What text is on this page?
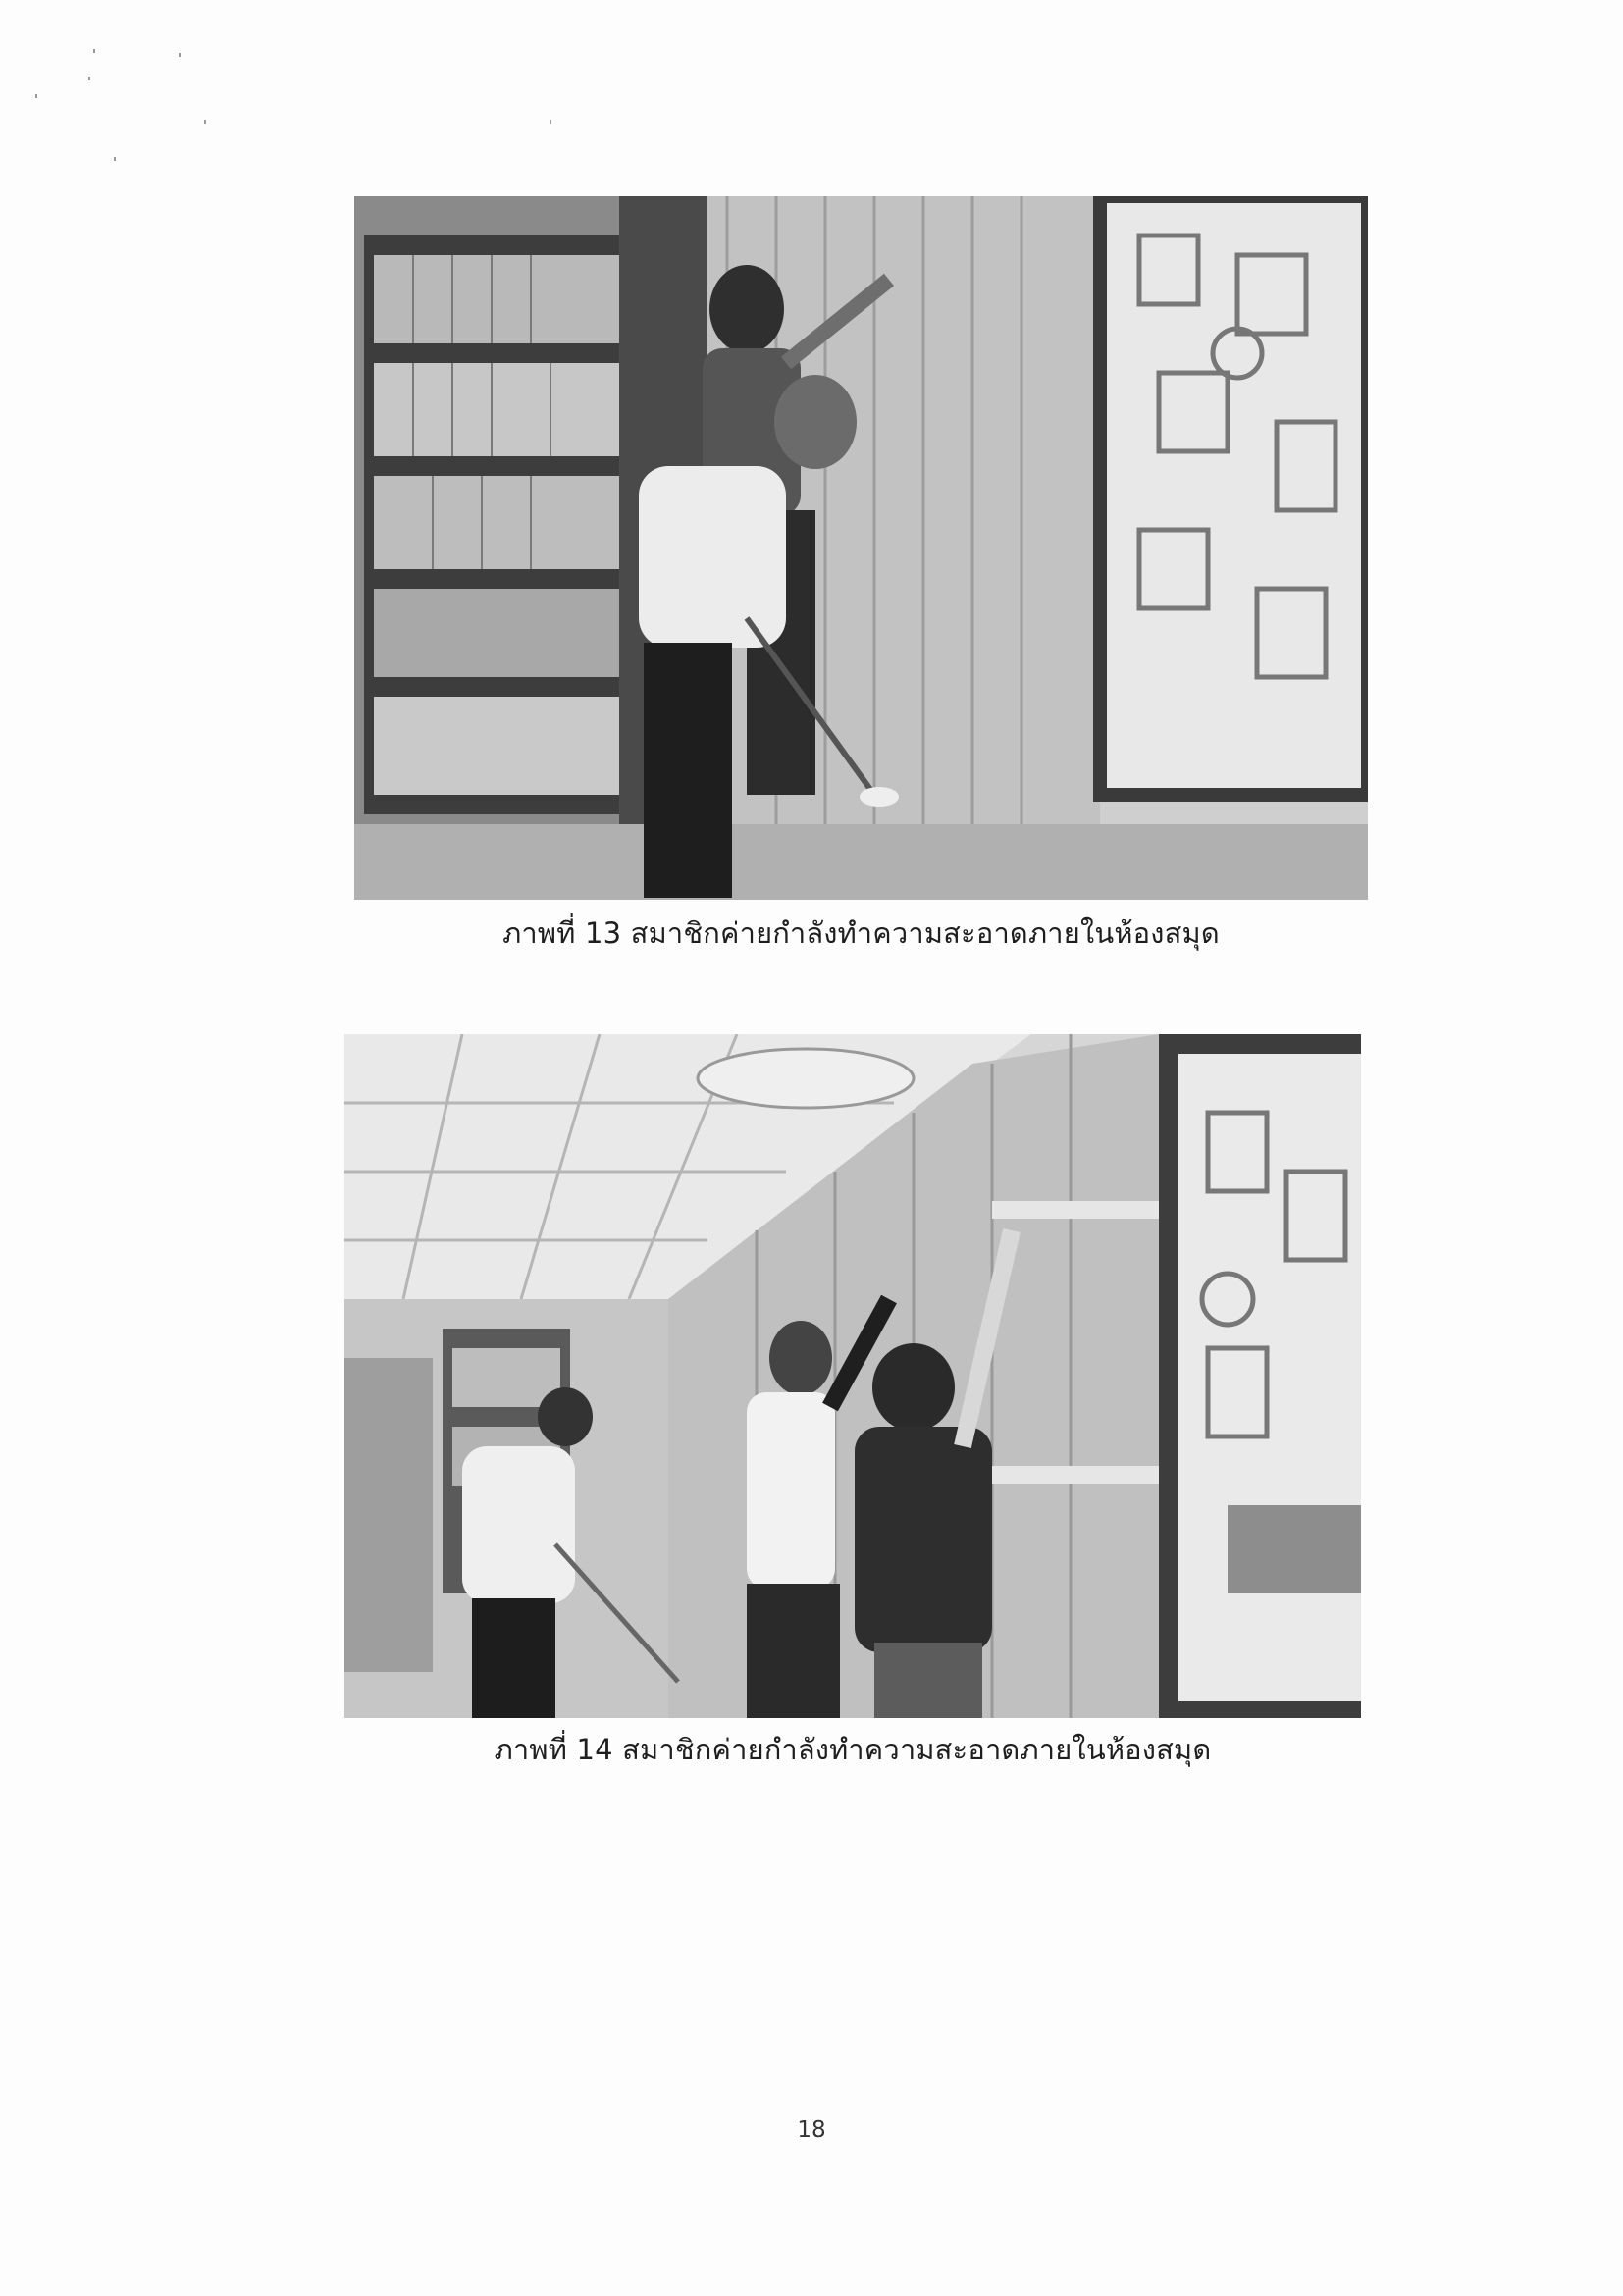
ภาพที่ 13 สมาชิกค่ายกำลังทำความสะอาดภายในห้องสมุด
ภาพที่ 14 สมาชิกค่ายกำลังทำความสะอาดภายในห้องสมุด
18
